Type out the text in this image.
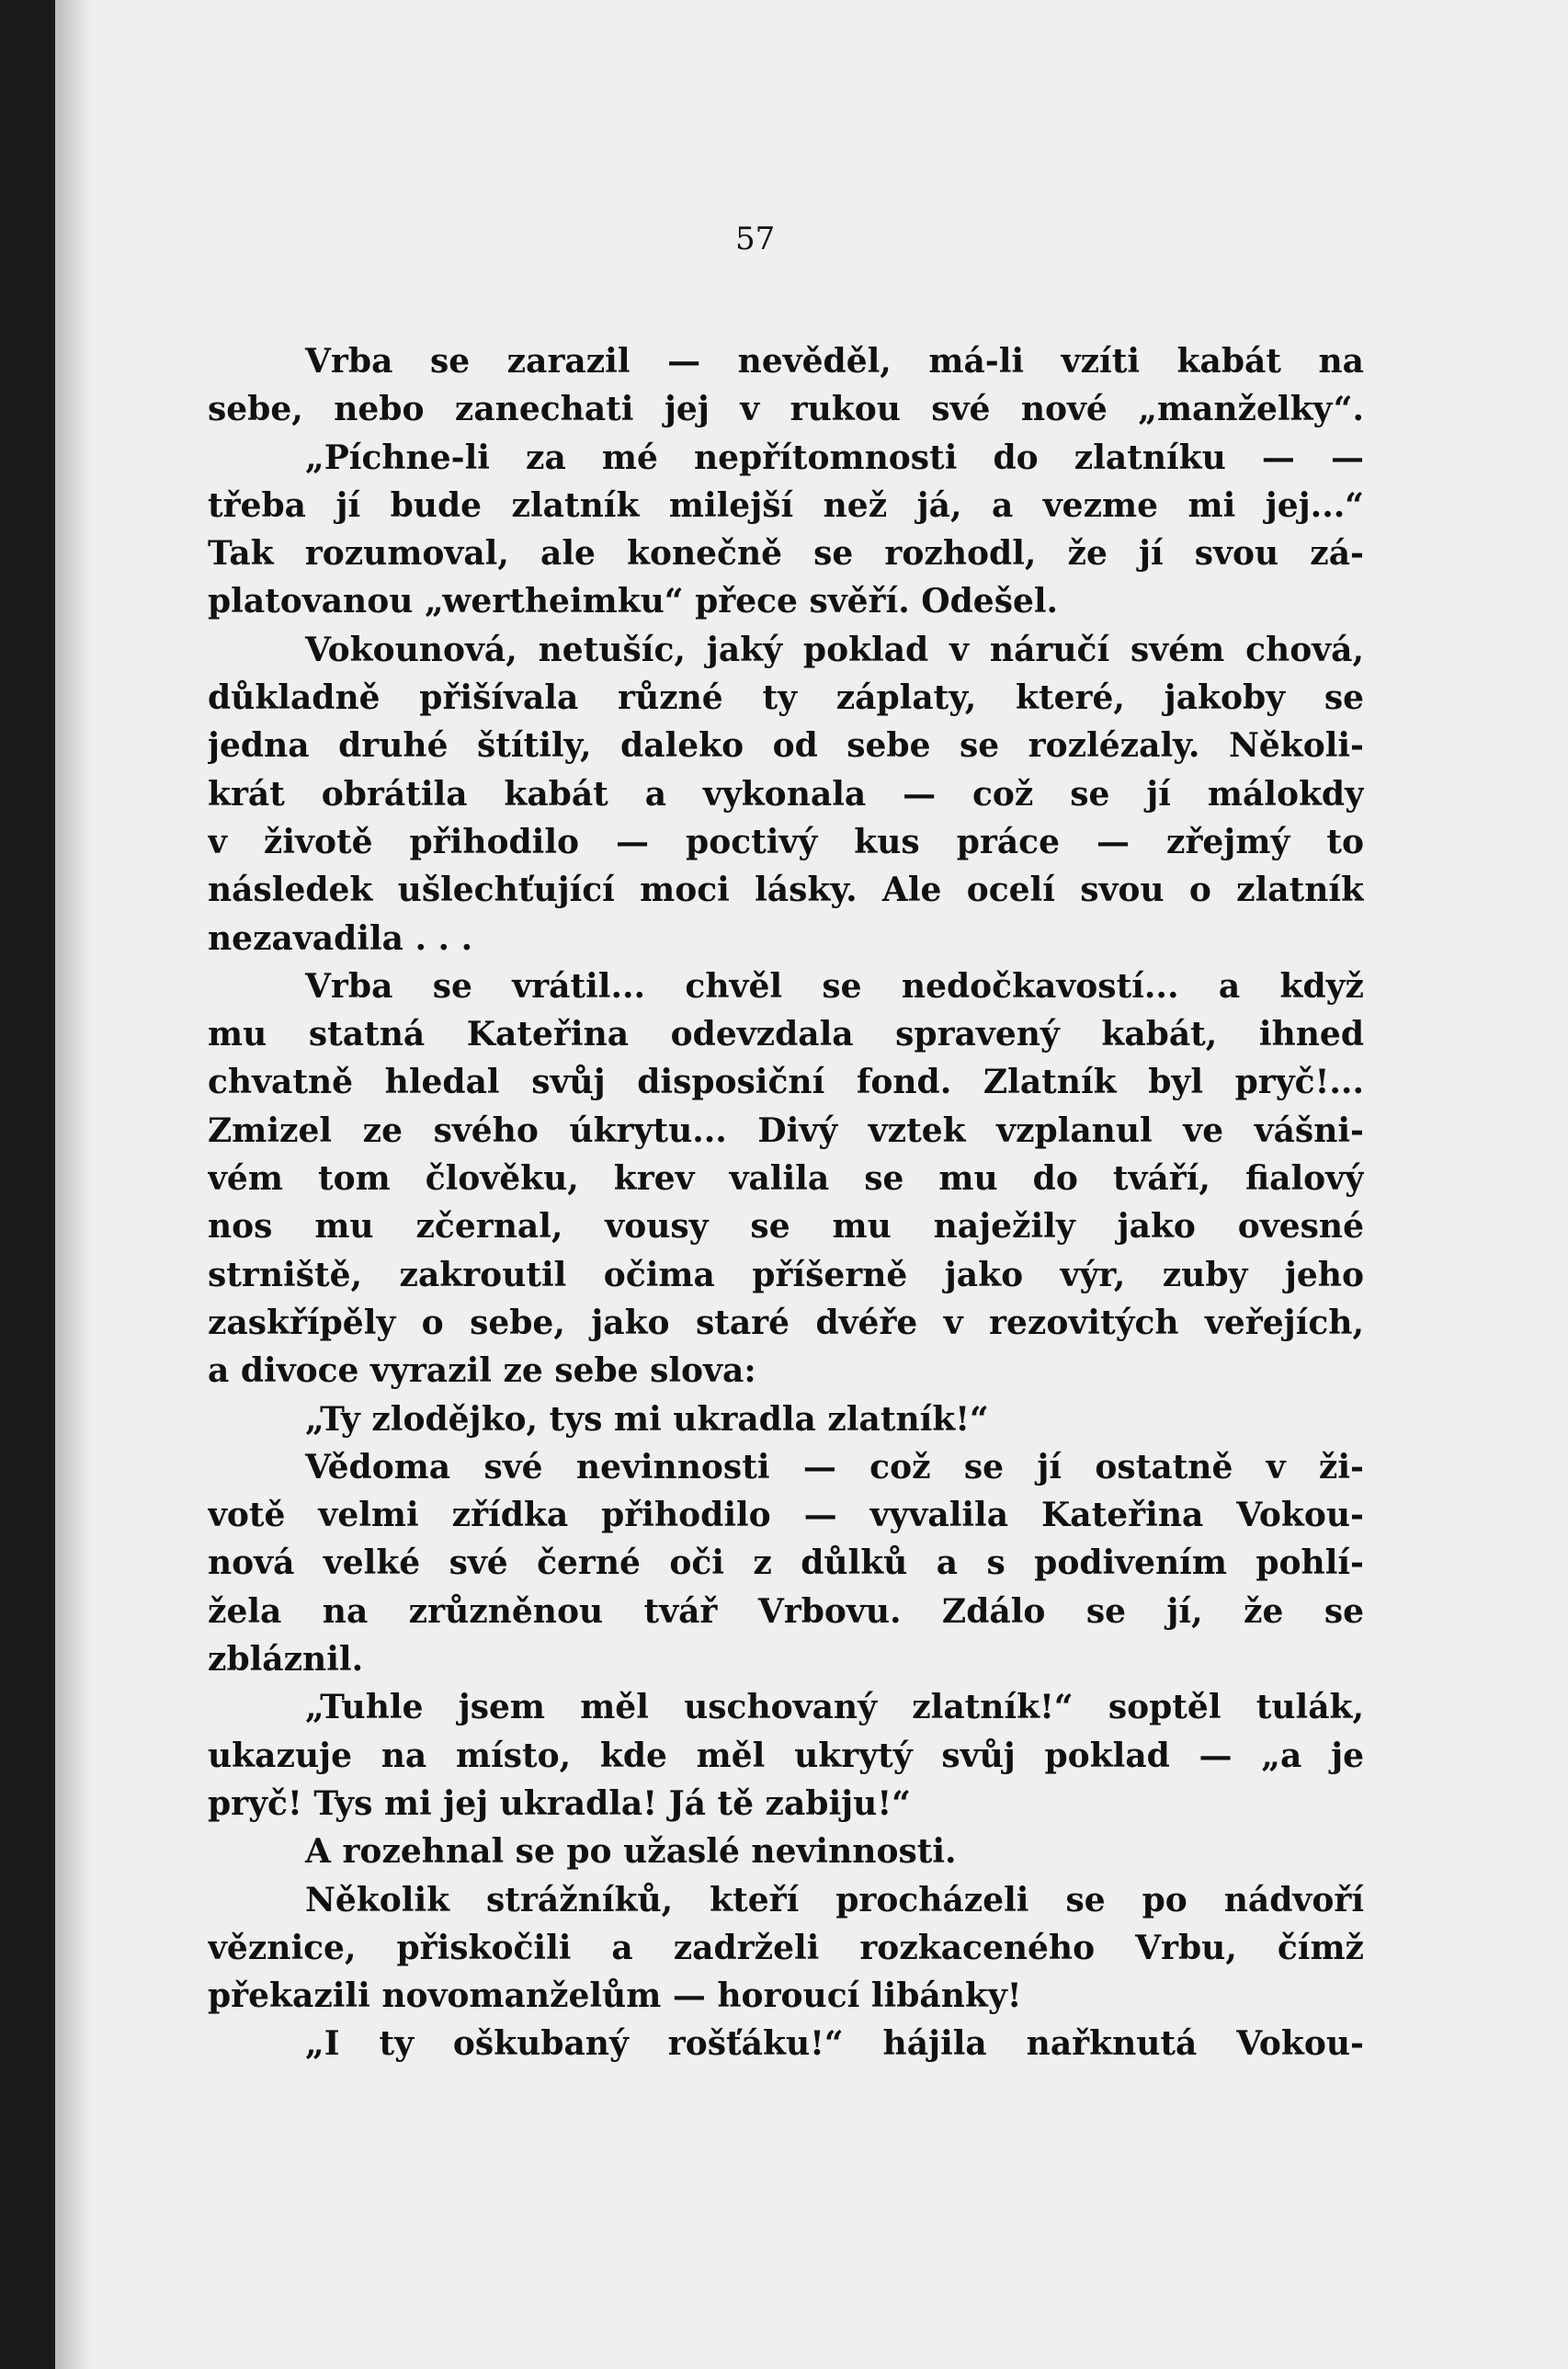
57
Vrba se zarazil — nevěděl, má-li vzíti kabát na
sebe, nebo zanechati jej v rukou své nové „manželky“.
„Píchne-li za mé nepřítomnosti do zlatníku — —
třeba jí bude zlatník milejší než já, a vezme mi jej...“
Tak rozumoval, ale konečně se rozhodl, že jí svou zá-
platovanou „wertheimku“ přece svěří. Odešel.
Vokounová, netušíc, jaký poklad v náručí svém chová,
důkladně přišívala různé ty záplaty, které, jakoby se
jedna druhé štítily, daleko od sebe se rozlézaly. Několi-
krát obrátila kabát a vykonala — což se jí málokdy
v životě přihodilo — poctivý kus práce — zřejmý to
následek ušlechťující moci lásky. Ale ocelí svou o zlatník
nezavadila . . .
Vrba se vrátil... chvěl se nedočkavostí... a když
mu statná Kateřina odevzdala spravený kabát, ihned
chvatně hledal svůj disposiční fond. Zlatník byl pryč!...
Zmizel ze svého úkrytu... Divý vztek vzplanul ve vášni-
vém tom člověku, krev valila se mu do tváří, fialový
nos mu zčernal, vousy se mu naježily jako ovesné
strniště, zakroutil očima příšerně jako výr, zuby jeho
zaskřípěly o sebe, jako staré dvéře v rezovitých veřejích,
a divoce vyrazil ze sebe slova:
„Ty zlodějko, tys mi ukradla zlatník!“
Vědoma své nevinnosti — což se jí ostatně v ži-
votě velmi zřídka přihodilo — vyvalila Kateřina Vokou-
nová velké své černé oči z důlků a s podivením pohlí-
žela na zrůzněnou tvář Vrbovu. Zdálo se jí, že se
zbláznil.
„Tuhle jsem měl uschovaný zlatník!“ soptěl tulák,
ukazuje na místo, kde měl ukrytý svůj poklad — „a je
pryč! Tys mi jej ukradla! Já tě zabiju!“
A rozehnal se po užaslé nevinnosti.
Několik strážníků, kteří procházeli se po nádvoří
věznice, přiskočili a zadrželi rozkaceného Vrbu, čímž
překazili novomanželům — horoucí libánky!
„I ty oškubaný rošťáku!“ hájila nařknutá Vokou-
